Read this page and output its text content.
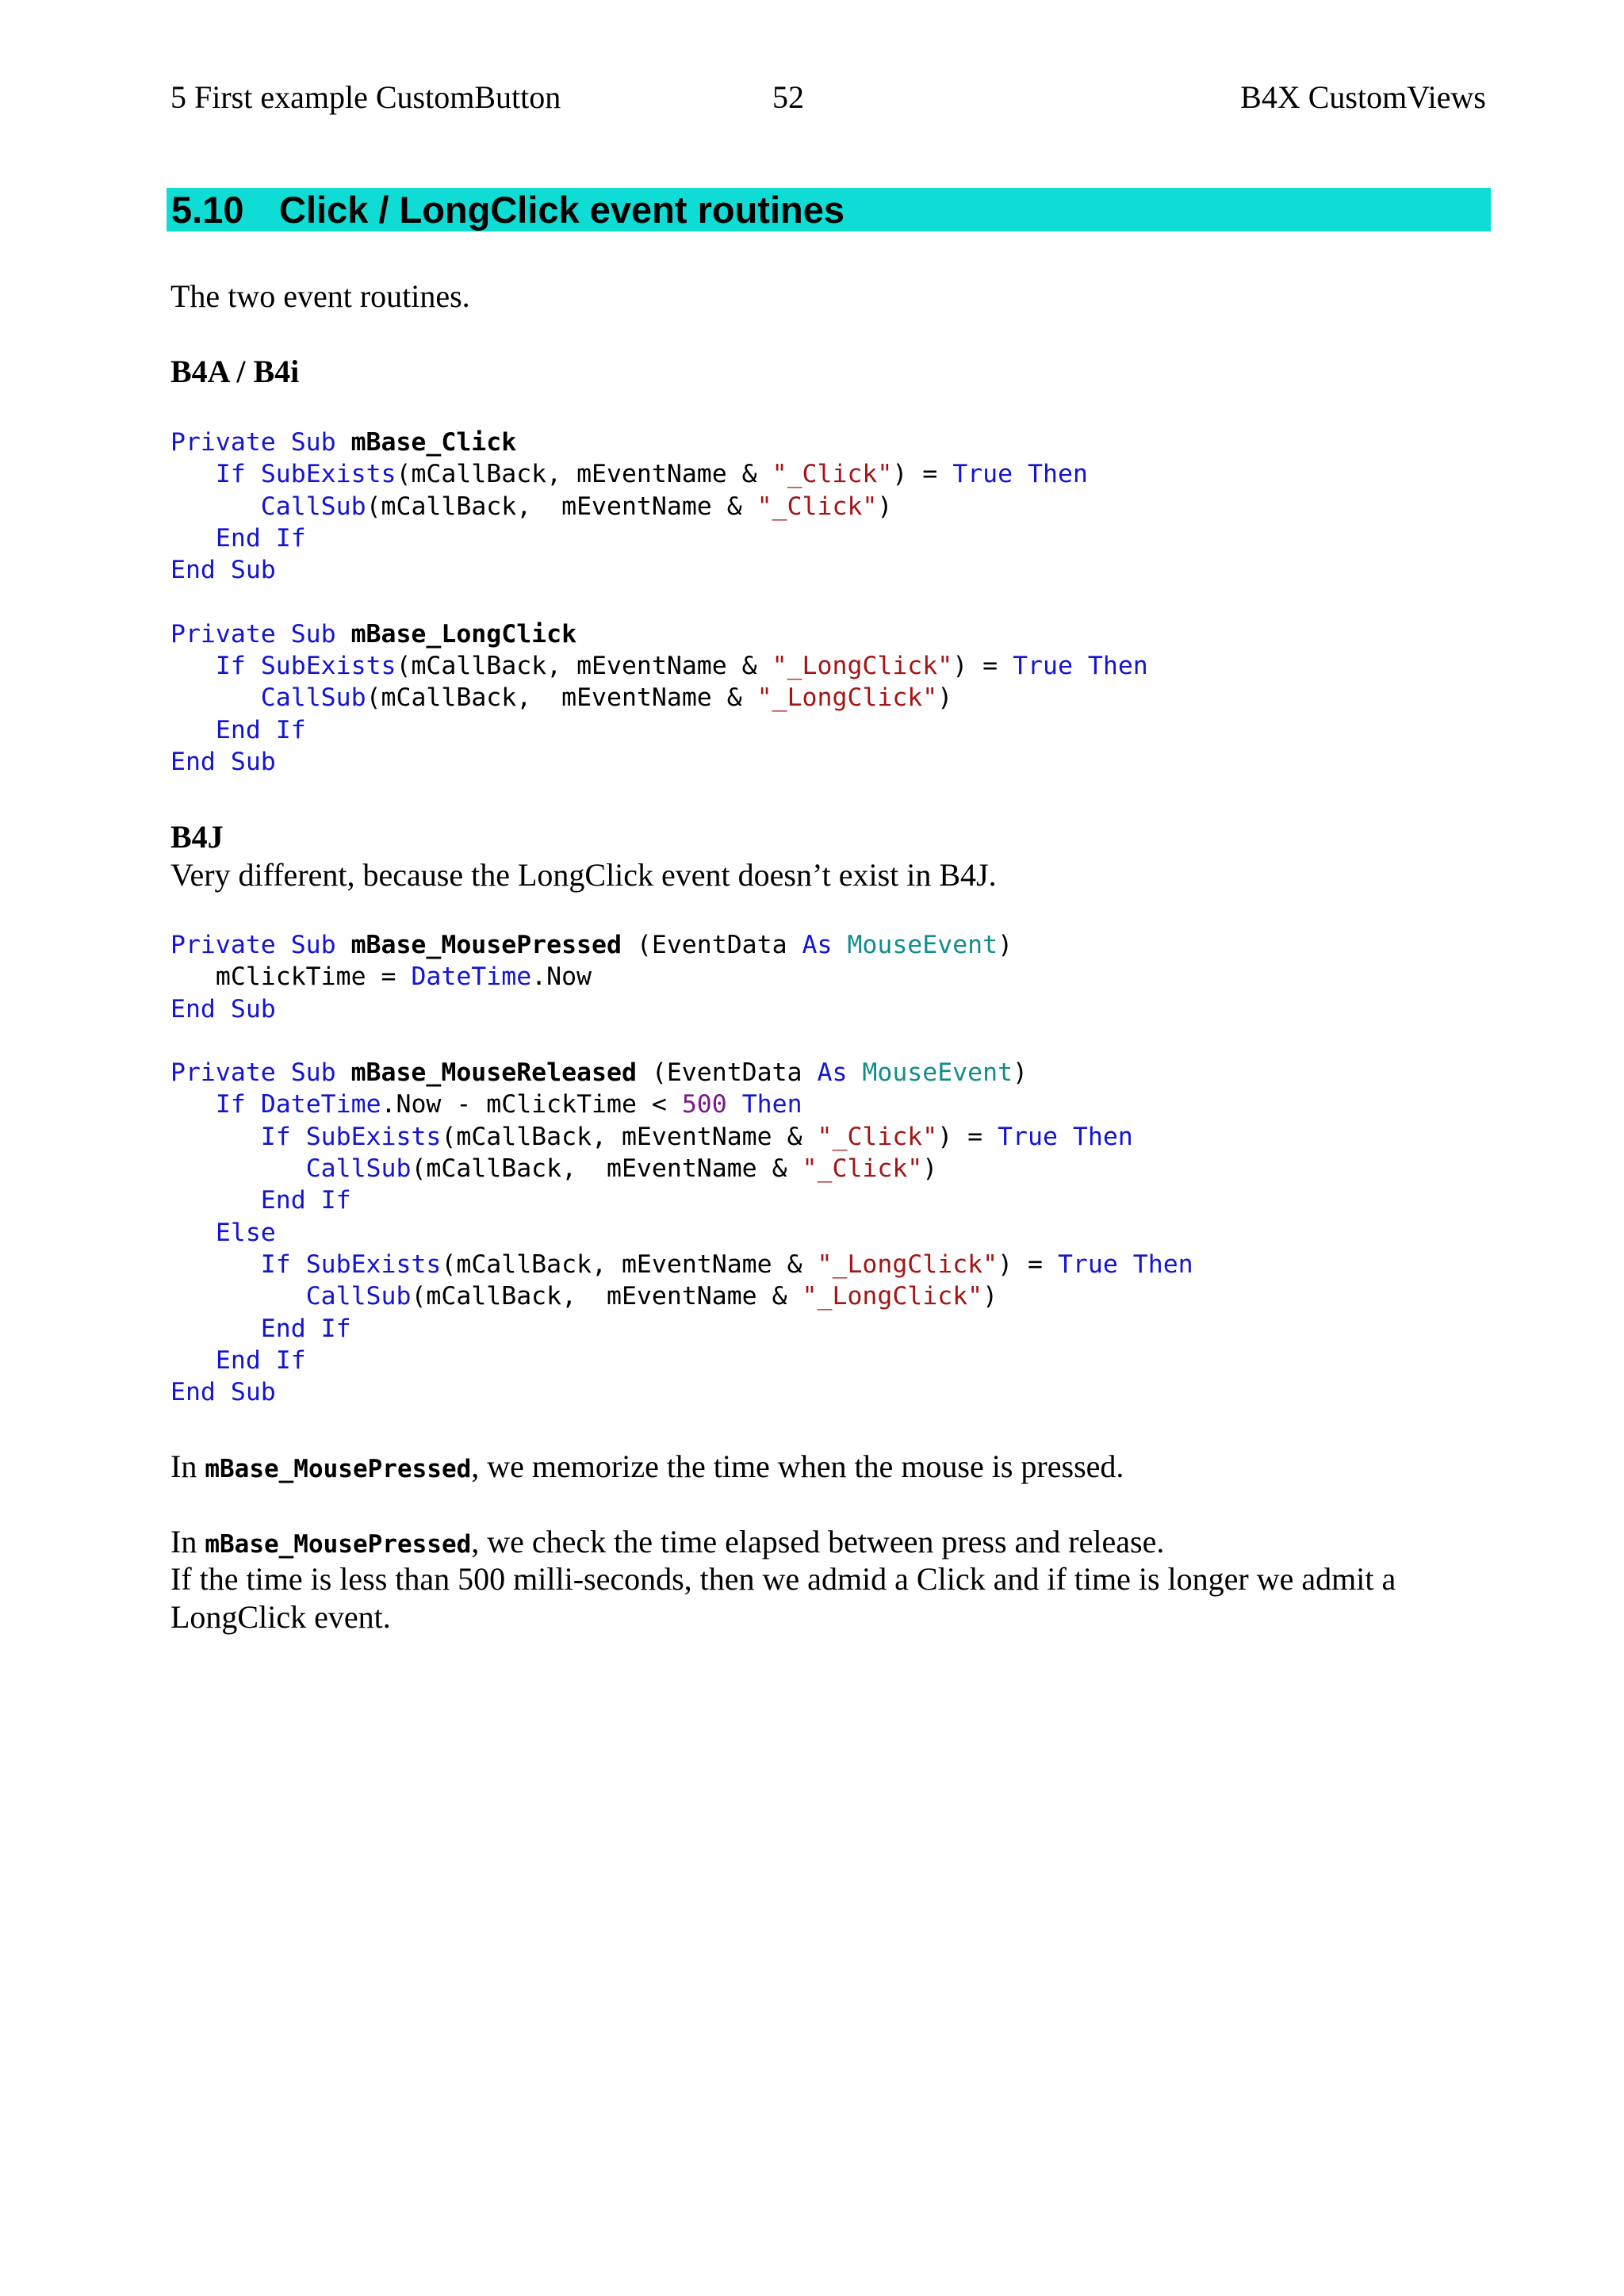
5 First example CustomButton	52	B4X CustomViews
5.10 Click / LongClick event routines
The two event routines.
B4A / B4i
Private Sub mBase_Click
If SubExists(mCallBack, mEventName & "_Click") = True Then
CallSub(mCallBack,  mEventName & "_Click")
End If
End Sub
Private Sub mBase_LongClick
If SubExists(mCallBack, mEventName & "_LongClick") = True Then
CallSub(mCallBack,  mEventName & "_LongClick")
End If
End Sub
B4J
Very different, because the LongClick event doesn’t exist in B4J.
Private Sub mBase_MousePressed (EventData As MouseEvent)
mClickTime = DateTime.Now
End Sub
Private Sub mBase_MouseReleased (EventData As MouseEvent)
If DateTime.Now - mClickTime < 500 Then
If SubExists(mCallBack, mEventName & "_Click") = True Then
CallSub(mCallBack,  mEventName & "_Click")
End If
Else
If SubExists(mCallBack, mEventName & "_LongClick") = True Then
CallSub(mCallBack,  mEventName & "_LongClick")
End If
End If
End Sub
In mBase_MousePressed, we memorize the time when the mouse is pressed.
In mBase_MousePressed, we check the time elapsed between press and release.
If the time is less than 500 milli-seconds, then we admid a Click and if time is longer we admit a
LongClick event.
